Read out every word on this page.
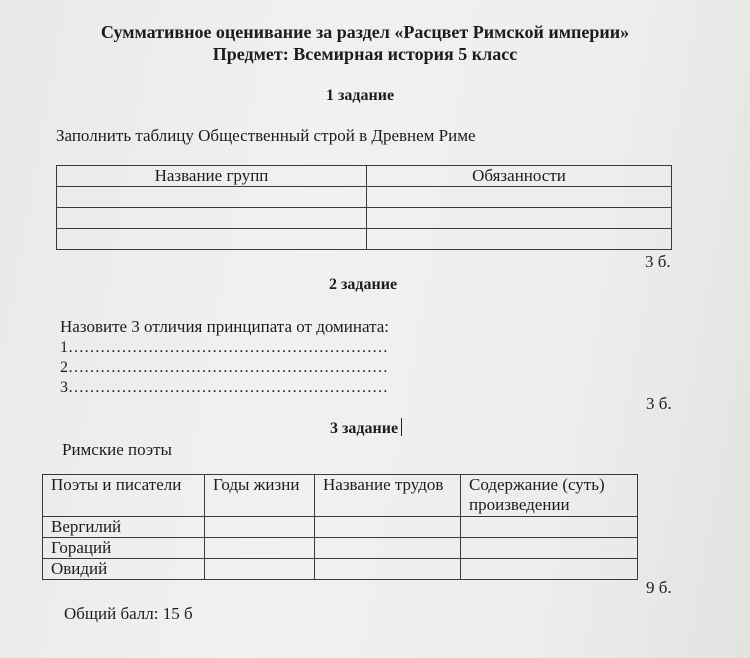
Суммативное оценивание за раздел «Расцвет Римской империи»
Предмет: Всемирная история 5 класс
1 задание
Заполнить таблицу Общественный строй в Древнем Риме
Название групп	Обязанности

3 б.
2 задание
Назовите 3 отличия принципата от домината:
1……………………………………………………
2……………………………………………………
3……………………………………………………
3 б.
3 задание
Римские поэты
Поэты и писатели	Годы жизни	Название трудов	Содержание (суть) произведении
Вергилий			
Гораций			
Овидий			
9 б.
Общий балл: 15 б
